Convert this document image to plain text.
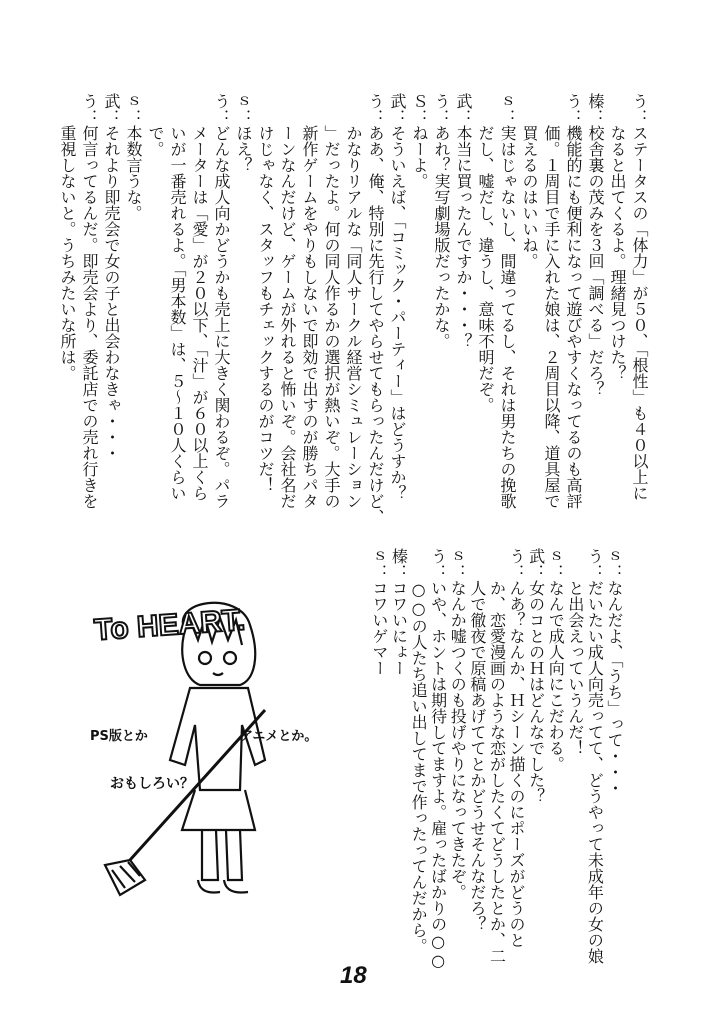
う：ステータスの「体力」が５０、「根性」も４０以上に
なると出てくるよ。理緒見つけた？
榛：校舎裏の茂みを３回「調べる」だろ？
う：機能的にも便利になって遊びやすくなってるのも高評
価。１周目で手に入れた娘は、２周目以降、道具屋で
買えるのはいいね。
ｓ：実はじゃないし、間違ってるし、それは男たちの挽歌
だし、嘘だし、違うし、意味不明だぞ。
武：本当に買ったんですか・・・？
う：あれ？実写劇場版だったかな。
Ｓ：ねーよ。
武：そういえば、「コミック・パーティー」はどうすか？
う：ああ、俺、特別に先行してやらせてもらったんだけど、
かなりリアルな「同人サークル経営シミュレーション
」だったよ。何の同人作るかの選択が熱いぞ。大手の
新作ゲームをやりもしないで即効で出すのが勝ちパタ
ーンなんだけど、ゲームが外れると怖いぞ。会社名だ
けじゃなく、スタッフもチェックするのがコツだ！
ｓ：ほえ？
う：どんな成人向かどうかも売上に大きく関わるぞ。パラ
メーターは「愛」が２０以下、「汁」が６０以上くら
いが一番売れるよ。「男本数」は、５～１０人くらい
で。
ｓ：本数言うな。
武：それより即売会で女の子と出会わなきゃ・・・
う：何言ってるんだ。即売会より、委託店での売れ行きを
重視しないと。うちみたいな所は。
ｓ：なんだよ、「うち」って・・・
う：だいたい成人向売ってて、どうやって未成年の女の娘
と出会えっていうんだ！
ｓ：なんで成人向にこだわる。
武：女のコとのＨはどんなでした？
う：んあ？なんか、Ｈシーン描くのにポーズがどうのと
か、恋愛漫画のような恋がしたくてどうしたとか、二
人で徹夜で原稿あげててとかどうせそんなだろ？
ｓ：なんか嘘つくのも投げやりになってきたぞ。
う：いや、ホントは期待してますよ。雇ったばかりの○○
○○の人たち追い出してまで作ったってんだから。
榛：コワいにょー
ｓ：コワいゲマー
To HEART.
PS版とか	アニメとか。
おもしろい？
18
